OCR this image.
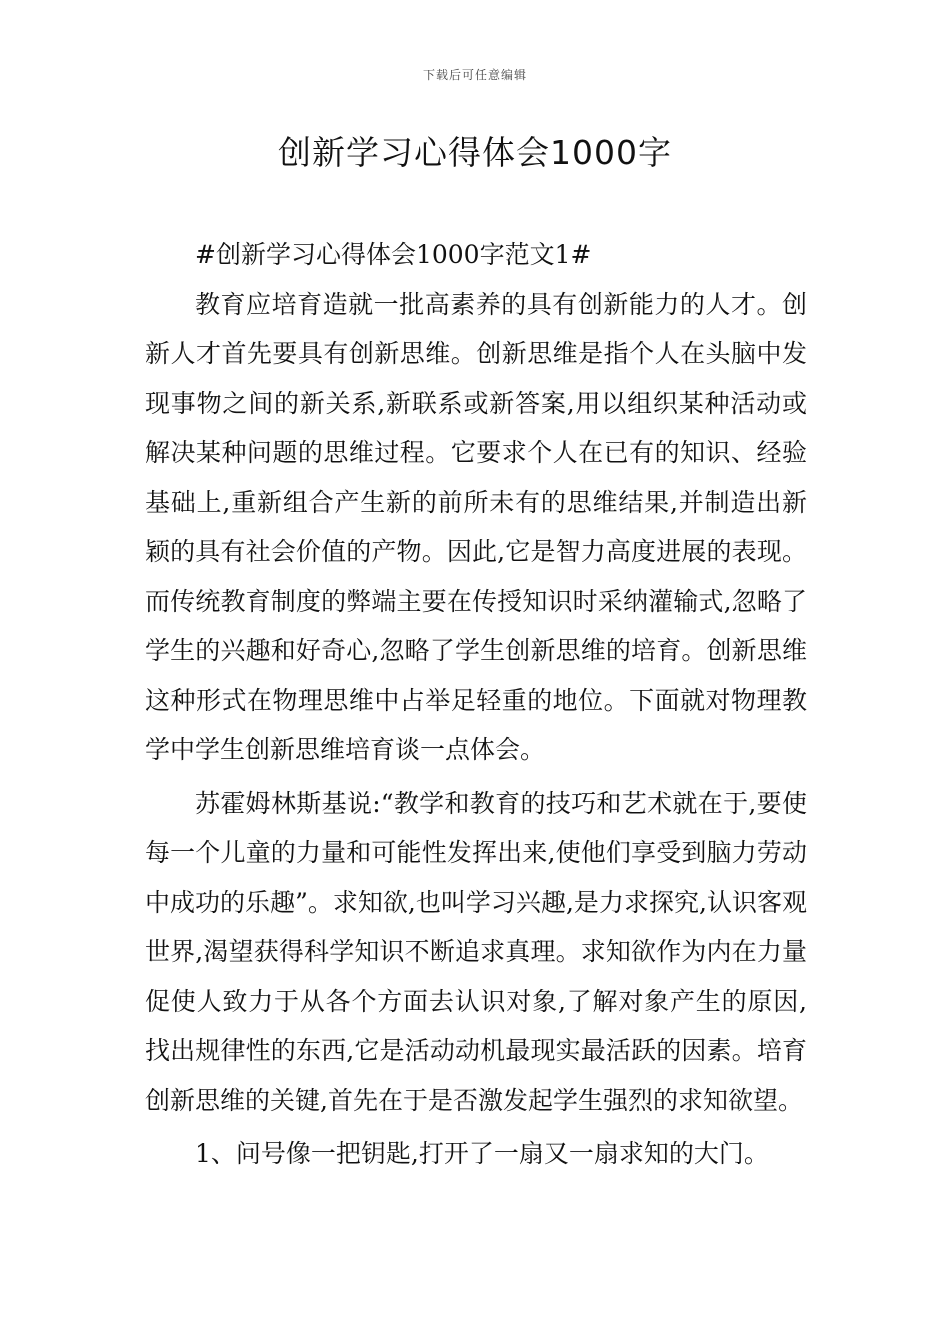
下载后可任意编辑
创新学习心得体会1000字

#创新学习心得体会1000字范文1#

教育应培育造就一批高素养的具有创新能力的人才。创新人才首先要具有创新思维。创新思维是指个人在头脑中发现事物之间的新关系,新联系或新答案,用以组织某种活动或解决某种问题的思维过程。它要求个人在已有的知识、经验基础上,重新组合产生新的前所未有的思维结果,并制造出新颖的具有社会价值的产物。因此,它是智力高度进展的表现。而传统教育制度的弊端主要在传授知识时采纳灌输式,忽略了学生的兴趣和好奇心,忽略了学生创新思维的培育。创新思维这种形式在物理思维中占举足轻重的地位。下面就对物理教学中学生创新思维培育谈一点体会。

苏霍姆林斯基说:“教学和教育的技巧和艺术就在于,要使每一个儿童的力量和可能性发挥出来,使他们享受到脑力劳动中成功的乐趣”。求知欲,也叫学习兴趣,是力求探究,认识客观世界,渴望获得科学知识不断追求真理。求知欲作为内在力量促使人致力于从各个方面去认识对象,了解对象产生的原因,找出规律性的东西,它是活动动机最现实最活跃的因素。培育创新思维的关键,首先在于是否激发起学生强烈的求知欲望。

1、问号像一把钥匙,打开了一扇又一扇求知的大门。
